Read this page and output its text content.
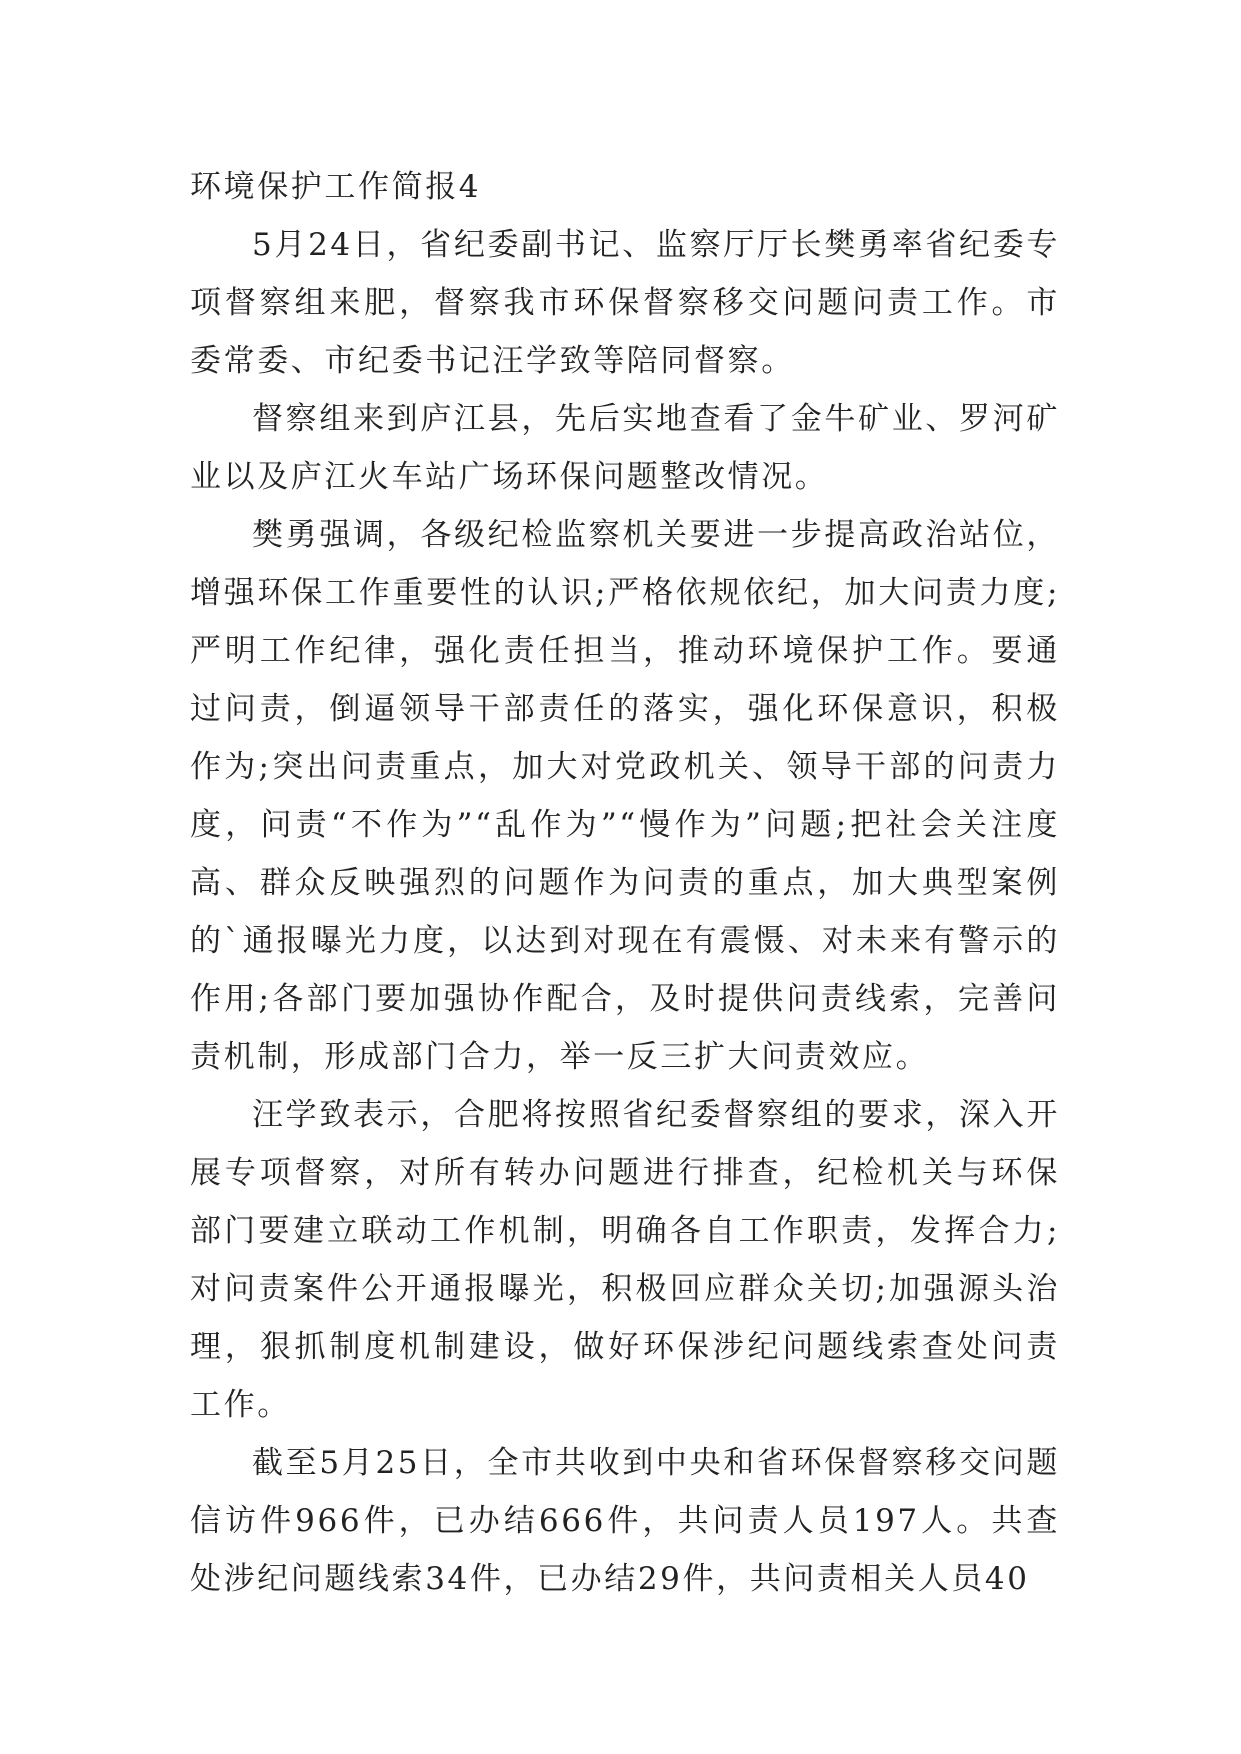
环境保护工作简报4

5月24日，省纪委副书记、监察厅厅长樊勇率省纪委专项督察组来肥，督察我市环保督察移交问题问责工作。市委常委、市纪委书记汪学致等陪同督察。

督察组来到庐江县，先后实地查看了金牛矿业、罗河矿业以及庐江火车站广场环保问题整改情况。

樊勇强调，各级纪检监察机关要进一步提高政治站位，增强环保工作重要性的认识;严格依规依纪，加大问责力度;严明工作纪律，强化责任担当，推动环境保护工作。要通过问责，倒逼领导干部责任的落实，强化环保意识，积极作为;突出问责重点，加大对党政机关、领导干部的问责力度，问责“不作为”“乱作为”“慢作为”问题;把社会关注度高、群众反映强烈的问题作为问责的重点，加大典型案例的`通报曝光力度，以达到对现在有震慑、对未来有警示的作用;各部门要加强协作配合，及时提供问责线索，完善问责机制，形成部门合力，举一反三扩大问责效应。

汪学致表示，合肥将按照省纪委督察组的要求，深入开展专项督察，对所有转办问题进行排查，纪检机关与环保部门要建立联动工作机制，明确各自工作职责，发挥合力;对问责案件公开通报曝光，积极回应群众关切;加强源头治理，狠抓制度机制建设，做好环保涉纪问题线索查处问责工作。

截至5月25日，全市共收到中央和省环保督察移交问题信访件966件，已办结666件，共问责人员197人。共查处涉纪问题线索34件，已办结29件，共问责相关人员40
